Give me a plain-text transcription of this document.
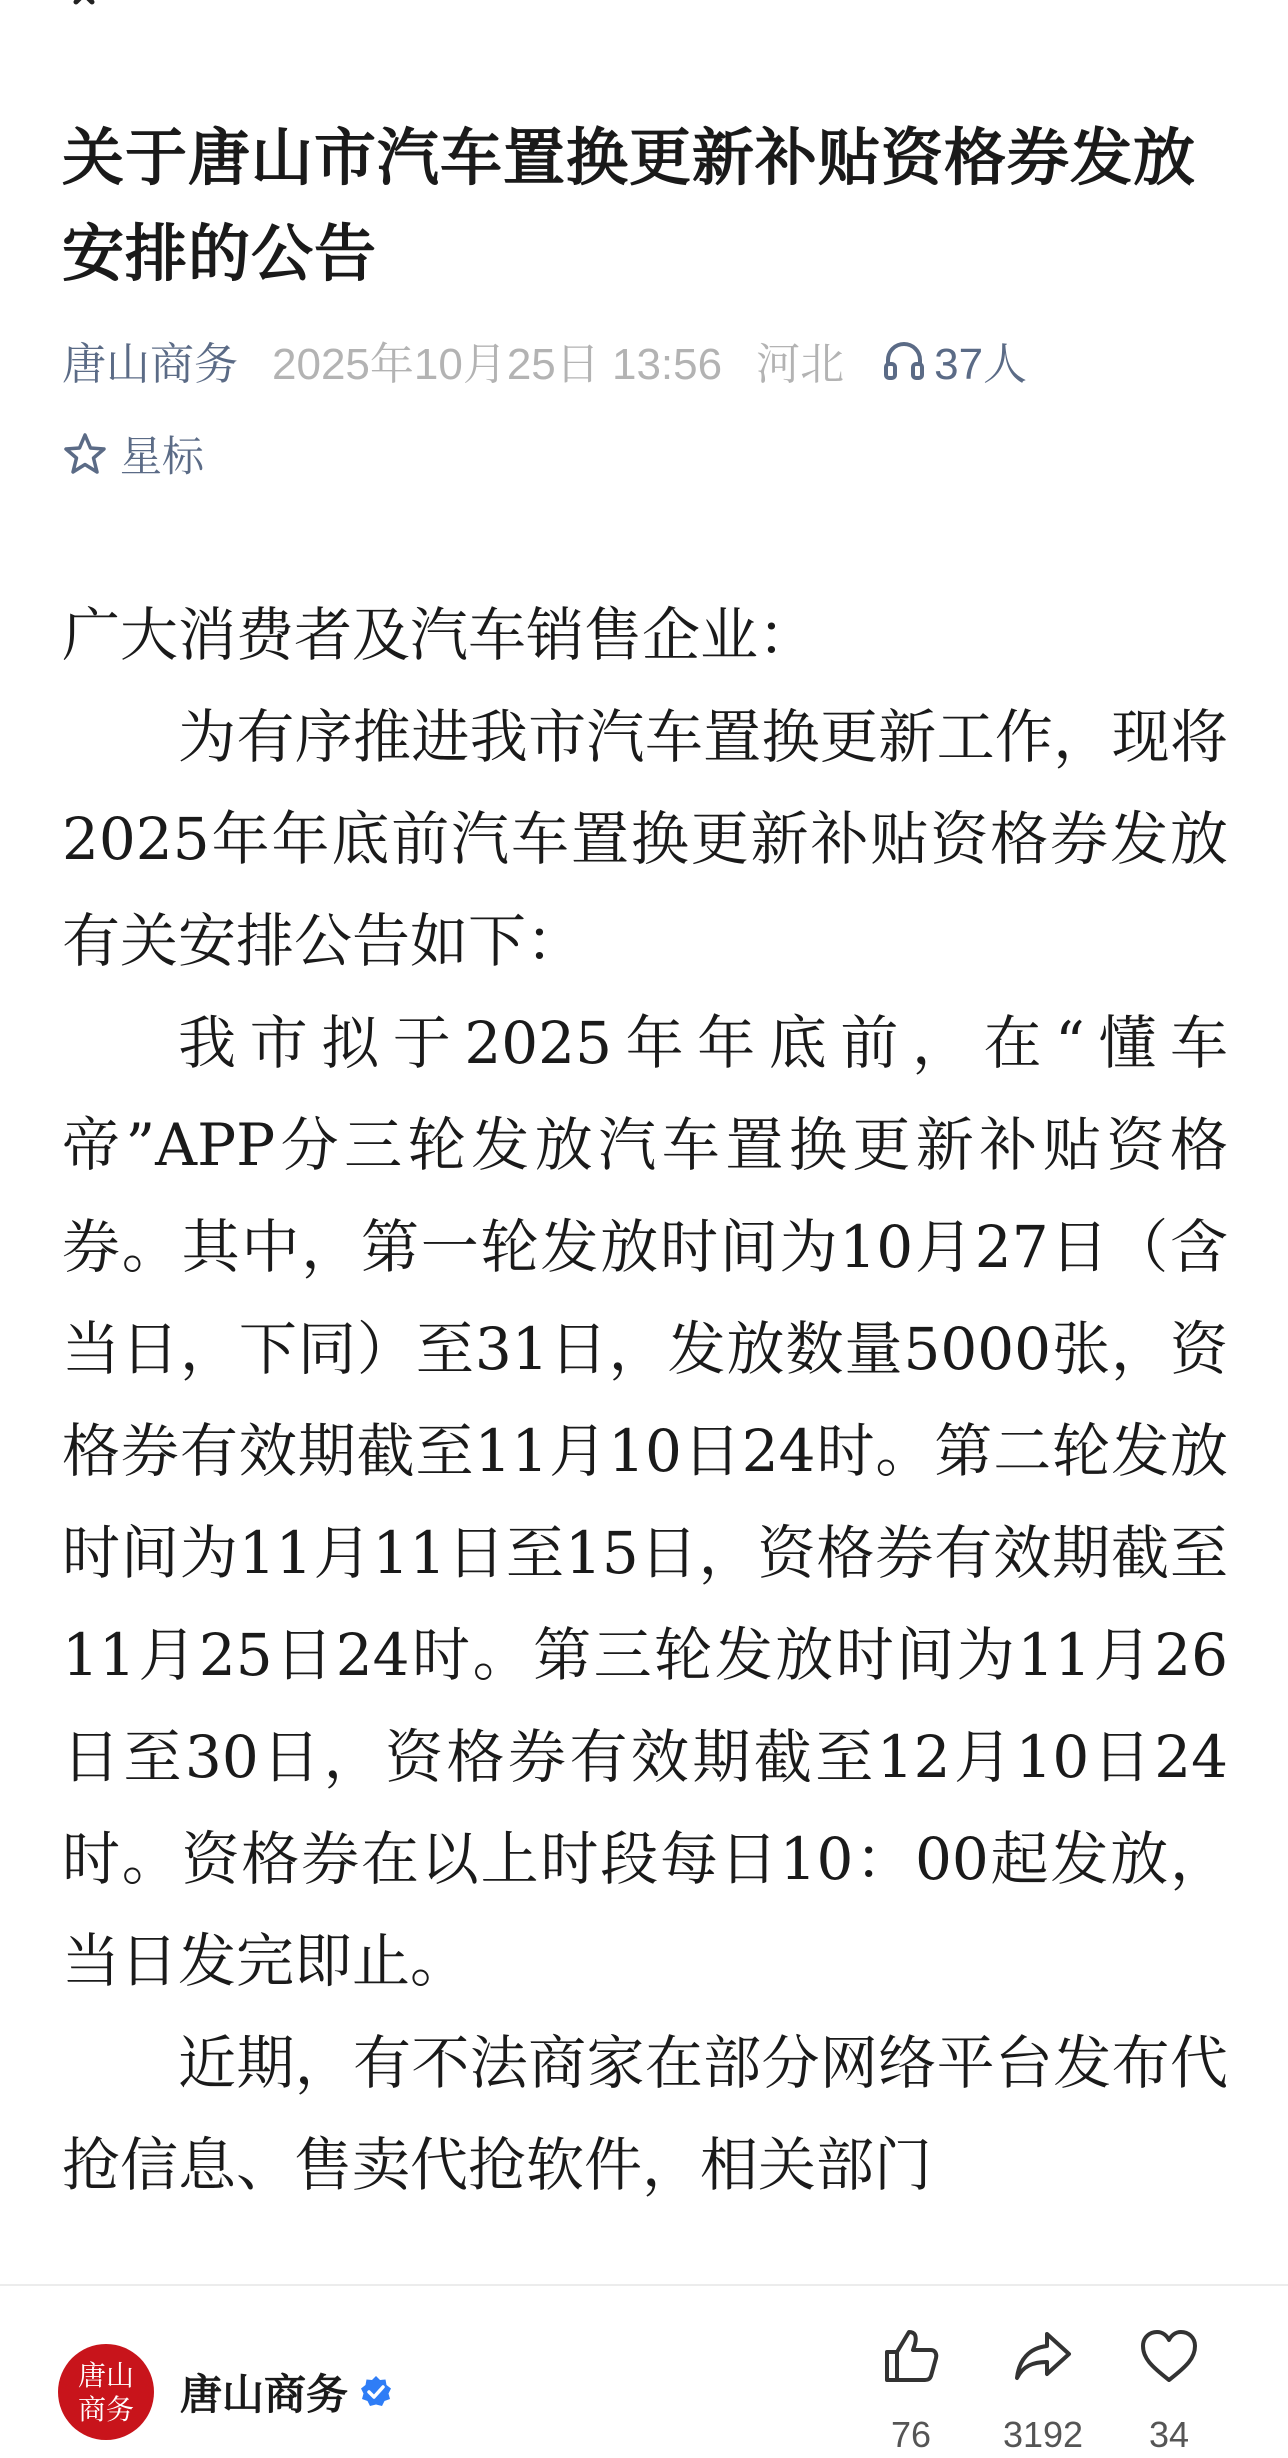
关于唐山市汽车置换更新补贴资格券发放安排的公告
唐山商务 2025年10月25日 13:56 河北 37人
星标

广大消费者及汽车销售企业：

为有序推进我市汽车置换更新工作，现将2025年年底前汽车置换更新补贴资格券发放有关安排公告如下：

我市拟于2025年年底前，在“懂车帝”APP分三轮发放汽车置换更新补贴资格券。其中，第一轮发放时间为10月27日（含当日，下同）至31日，发放数量5000张，资格券有效期截至11月10日24时。第二轮发放时间为11月11日至15日，资格券有效期截至11月25日24时。第三轮发放时间为11月26日至30日，资格券有效期截至12月10日24时。资格券在以上时段每日10：00起发放，当日发完即止。

近期，有不法商家在部分网络平台发布代抢信息、售卖代抢软件，相关部门

唐山商务 唐山商务
76	3192	34
